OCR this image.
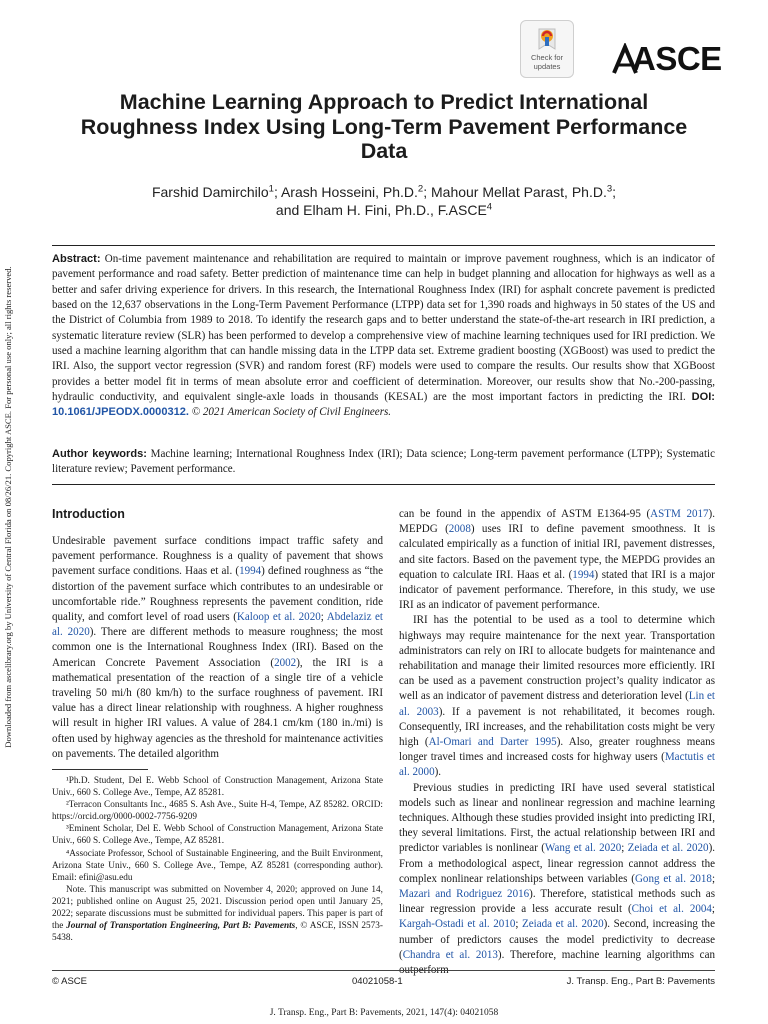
Downloaded from ascelibrary.org by University of Central Florida on 08/26/21. Copyright ASCE. For personal use only; all rights reserved.
Check for
updates	ASCE
Machine Learning Approach to Predict International Roughness Index Using Long-Term Pavement Performance Data
Farshid Damirchilo$^1$; Arash Hosseini, Ph.D.$^2$; Mahour Mellat Parast, Ph.D.$^3$;
and Elham H. Fini, Ph.D., F.ASCE$^4$
Abstract: On-time pavement maintenance and rehabilitation are required to maintain or improve pavement roughness, which is an indicator of pavement performance and road safety. Better prediction of maintenance time can help in budget planning and allocation for highways as well as a better and safer driving experience for drivers. In this research, the International Roughness Index (IRI) for asphalt concrete pavement is predicted based on the 12,637 observations in the Long-Term Pavement Performance (LTPP) data set for 1,390 roads and highways in 50 states of the US and the District of Columbia from 1989 to 2018. To identify the research gaps and to better understand the state-of-the-art research in IRI prediction, a systematic literature review (SLR) has been performed to develop a comprehensive view of machine learning techniques used for IRI prediction. We used a machine learning algorithm that can handle missing data in the LTPP data set. Extreme gradient boosting (XGBoost) was used to predict the IRI. Also, the support vector regression (SVR) and random forest (RF) models were used to compare the results. Our results show that XGBoost provides a better model fit in terms of mean absolute error and coefficient of determination. Moreover, our results show that No.-200-passing, hydraulic conductivity, and equivalent single-axle loads in thousands (KESAL) are the most important factors in predicting the IRI. DOI: 10.1061/JPEODX.0000312. © 2021 American Society of Civil Engineers.
Author keywords: Machine learning; International Roughness Index (IRI); Data science; Long-term pavement performance (LTPP); Systematic literature review; Pavement performance.
Introduction

Undesirable pavement surface conditions impact traffic safety and pavement performance. Roughness is a quality of pavement that shows pavement surface conditions. Haas et al. (1994) defined roughness as “the distortion of the pavement surface which contributes to an undesirable or uncomfortable ride.” Roughness represents the pavement condition, ride quality, and comfort level of road users (Kaloop et al. 2020; Abdelaziz et al. 2020). There are different methods to measure roughness; the most common one is the International Roughness Index (IRI). Based on the American Concrete Pavement Association (2002), the IRI is a mathematical presentation of the reaction of a single tire of a vehicle traveling 50 mi/h (80 km/h) to the surface roughness of pavement. IRI value has a direct linear relationship with roughness. A higher roughness will result in higher IRI values. A value of 284.1 cm/km (180 in./mi) is often used by highway agencies as the threshold for maintenance activities on pavements. The detailed algorithm

¹Ph.D. Student, Del E. Webb School of Construction Management, Arizona State Univ., 660 S. College Ave., Tempe, AZ 85281.

²Terracon Consultants Inc., 4685 S. Ash Ave., Suite H-4, Tempe, AZ 85282. ORCID: https://orcid.org/0000-0002-7756-9209

³Eminent Scholar, Del E. Webb School of Construction Management, Arizona State Univ., 660 S. College Ave., Tempe, AZ 85281.

⁴Associate Professor, School of Sustainable Engineering, and the Built Environment, Arizona State Univ., 660 S. College Ave., Tempe, AZ 85281 (corresponding author). Email: efini@asu.edu

Note. This manuscript was submitted on November 4, 2020; approved on June 14, 2021; published online on August 25, 2021. Discussion period open until January 25, 2022; separate discussions must be submitted for individual papers. This paper is part of the Journal of Transportation Engineering, Part B: Pavements, © ASCE, ISSN 2573-5438.

can be found in the appendix of ASTM E1364-95 (ASTM 2017). MEPDG (2008) uses IRI to define pavement smoothness. It is calculated empirically as a function of initial IRI, pavement distresses, and site factors. Based on the pavement type, the MEPDG provides an equation to calculate IRI. Haas et al. (1994) stated that IRI is a major indicator of pavement performance. Therefore, in this study, we use IRI as an indicator of pavement performance.

IRI has the potential to be used as a tool to determine which highways may require maintenance for the next year. Transportation administrators can rely on IRI to allocate budgets for maintenance and rehabilitation and manage their limited resources more efficiently. IRI can be used as a pavement construction project’s quality indicator as well as an indicator of pavement distress and deterioration level (Lin et al. 2003). If a pavement is not rehabilitated, it becomes rough. Consequently, IRI increases, and the rehabilitation costs might be very high (Al-Omari and Darter 1995). Also, greater roughness means longer travel times and increased costs for highway users (Mactutis et al. 2000).

Previous studies in predicting IRI have used several statistical models such as linear and nonlinear regression and machine learning techniques. Although these studies provided insight into predicting IRI, they several limitations. First, the actual relationship between IRI and predictor variables is nonlinear (Wang et al. 2020; Zeiada et al. 2020). From a methodological aspect, linear regression cannot address the complex nonlinear relationships between variables (Gong et al. 2018; Mazari and Rodriguez 2016). Therefore, statistical methods such as linear regression provide a less accurate result (Choi et al. 2004; Kargah-Ostadi et al. 2010; Zeiada et al. 2020). Second, increasing the number of predictors causes the model predictivity to decrease (Chandra et al. 2013). Therefore, machine learning algorithms can outperform

© ASCE	04021058-1	J. Transp. Eng., Part B: Pavements
J. Transp. Eng., Part B: Pavements, 2021, 147(4): 04021058
